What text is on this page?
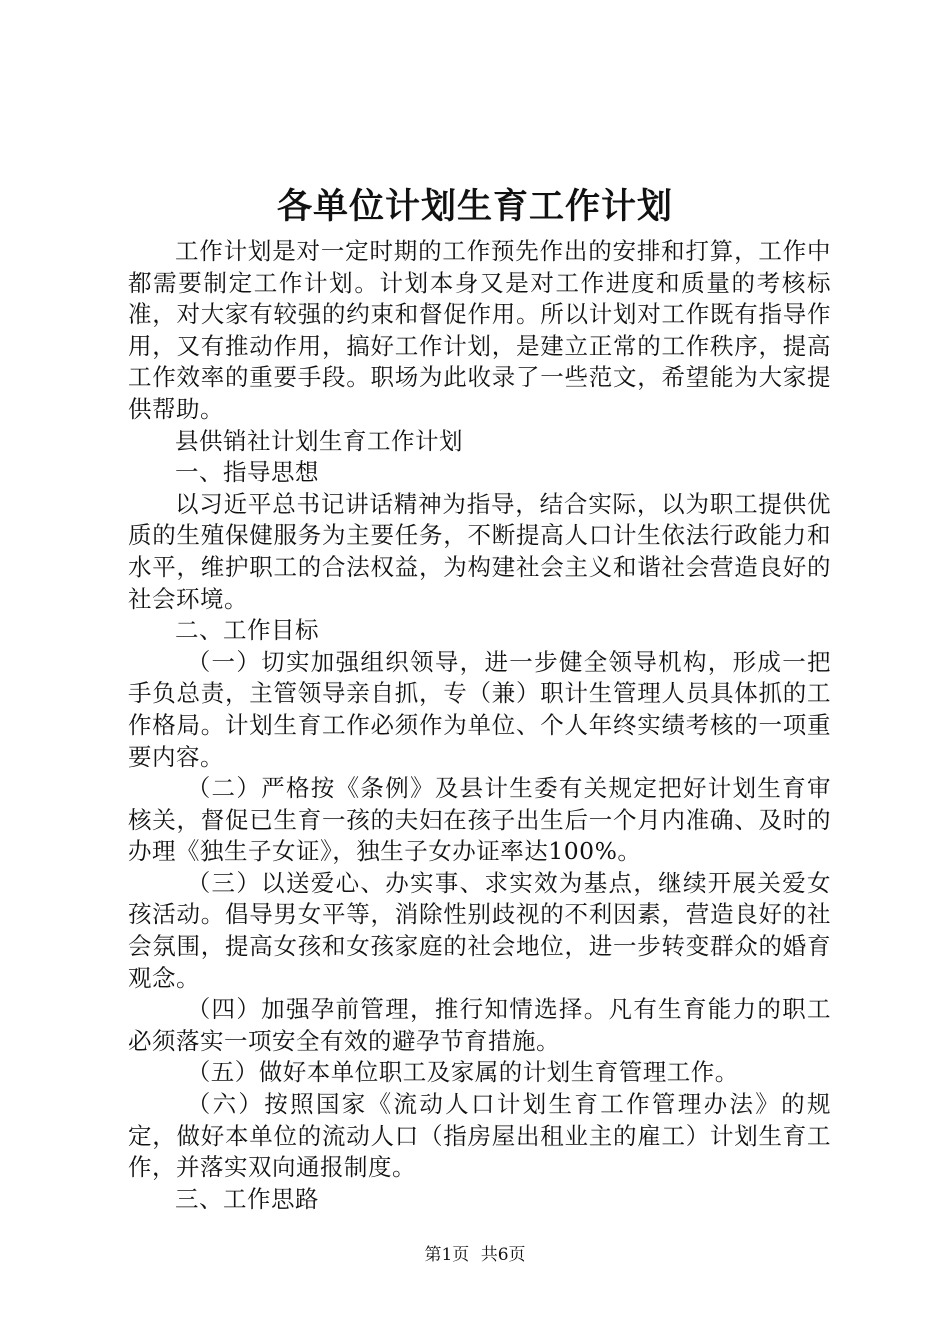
各单位计划生育工作计划

工作计划是对一定时期的工作预先作出的安排和打算，工作中都需要制定工作计划。计划本身又是对工作进度和质量的考核标准，对大家有较强的约束和督促作用。所以计划对工作既有指导作用，又有推动作用，搞好工作计划，是建立正常的工作秩序，提高工作效率的重要手段。职场为此收录了一些范文，希望能为大家提供帮助。

县供销社计划生育工作计划

一、指导思想

以习近平总书记讲话精神为指导，结合实际，以为职工提供优质的生殖保健服务为主要任务，不断提高人口计生依法行政能力和水平，维护职工的合法权益，为构建社会主义和谐社会营造良好的社会环境。

二、工作目标

（一）切实加强组织领导，进一步健全领导机构，形成一把手负总责，主管领导亲自抓，专（兼）职计生管理人员具体抓的工作格局。计划生育工作必须作为单位、个人年终实绩考核的一项重要内容。

（二）严格按《条例》及县计生委有关规定把好计划生育审核关，督促已生育一孩的夫妇在孩子出生后一个月内准确、及时的办理《独生子女证》，独生子女办证率达100%。

（三）以送爱心、办实事、求实效为基点，继续开展关爱女孩活动。倡导男女平等，消除性别歧视的不利因素，营造良好的社会氛围，提高女孩和女孩家庭的社会地位，进一步转变群众的婚育观念。

（四）加强孕前管理，推行知情选择。凡有生育能力的职工必须落实一项安全有效的避孕节育措施。

（五）做好本单位职工及家属的计划生育管理工作。

（六）按照国家《流动人口计划生育工作管理办法》的规定，做好本单位的流动人口（指房屋出租业主的雇工）计划生育工作，并落实双向通报制度。

三、工作思路

第1页 共6页
